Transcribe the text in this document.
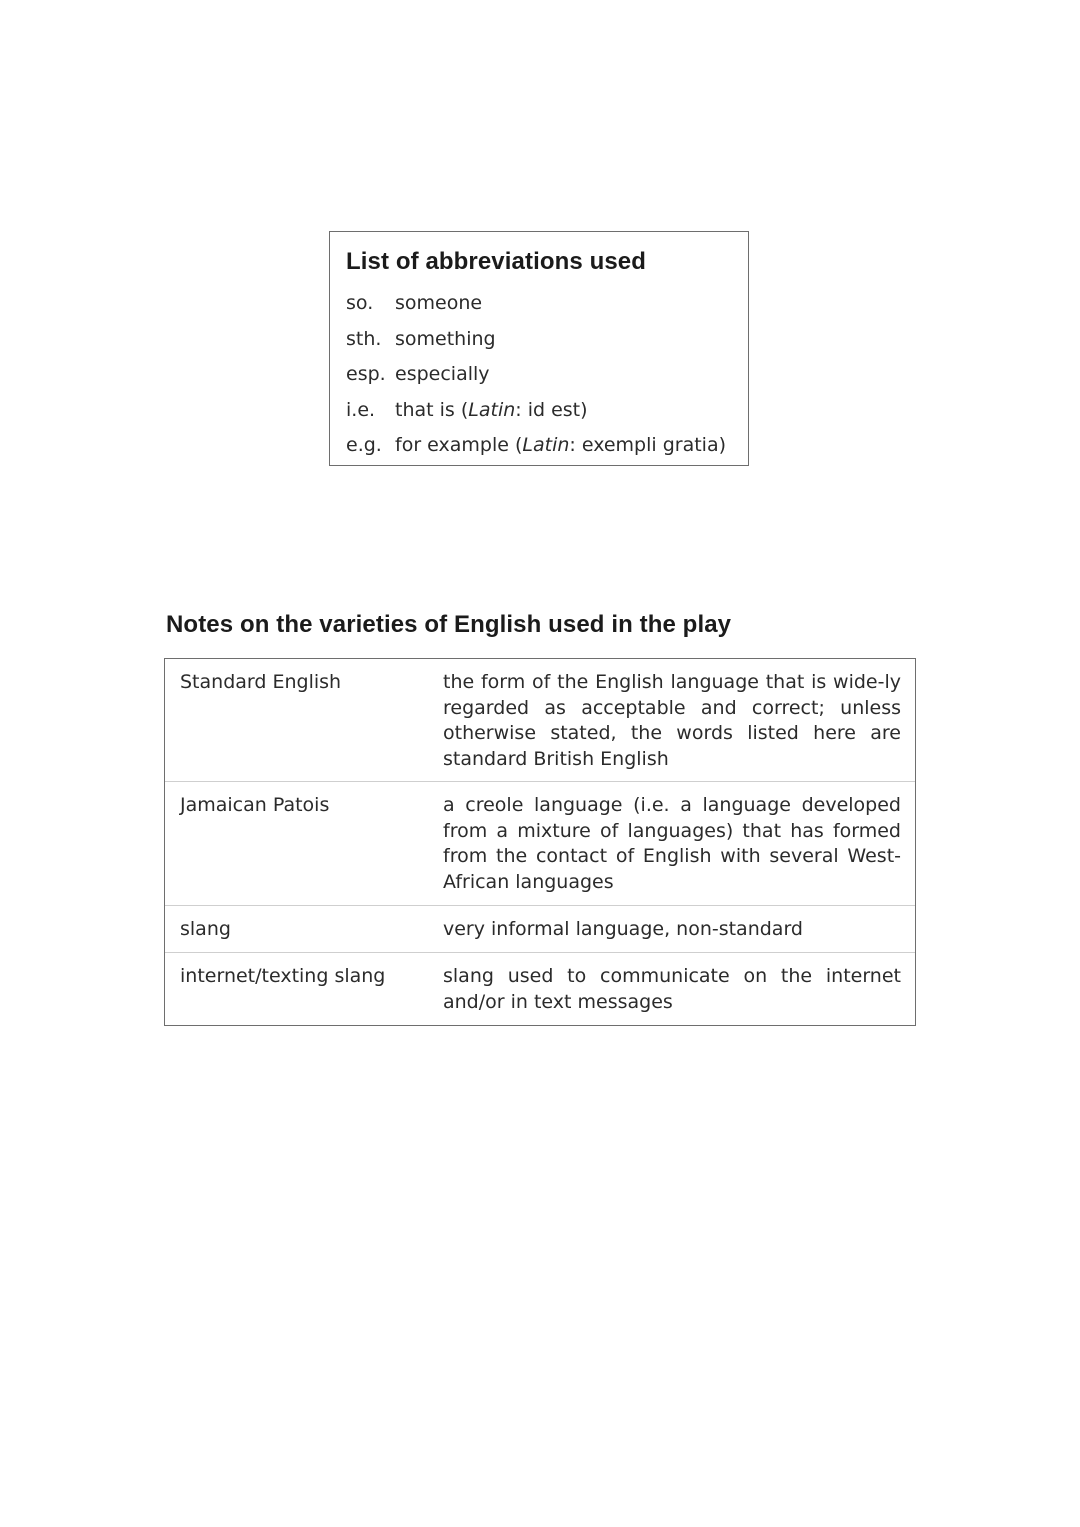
List of abbreviations used
so.	someone
sth. something
esp. especially
i.e.	that is (Latin: id est)
e.g. for example (Latin: exempli gratia)
Notes on the varieties of English used in the play
Standard English	the form of the English language that is wide-ly regarded as acceptable and correct; unless otherwise stated, the words listed here are standard British English
Jamaican Patois	a creole language (i.e. a language developed from a mixture of languages) that has formed from the contact of English with several West-African languages
slang	very informal language, non-standard
internet/texting slang	slang used to communicate on the internet and/or in text messages
